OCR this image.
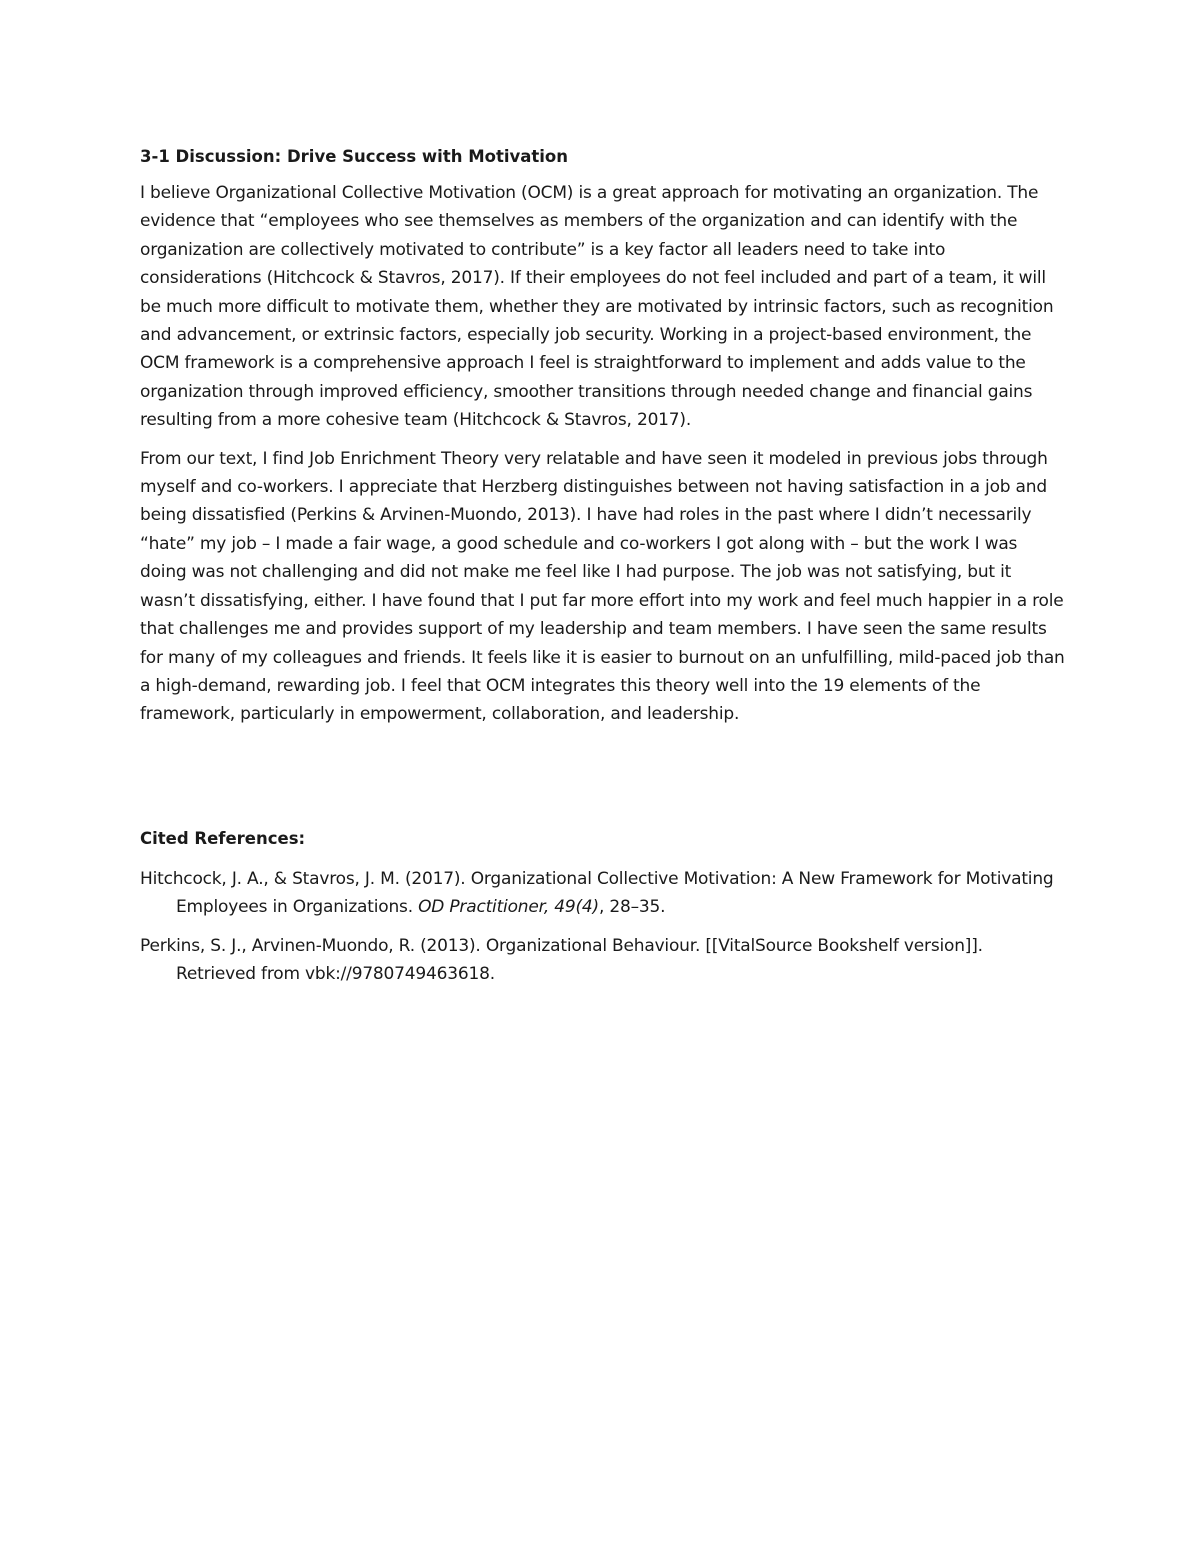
3-1 Discussion: Drive Success with Motivation

I believe Organizational Collective Motivation (OCM) is a great approach for motivating an organization. The evidence that “employees who see themselves as members of the organization and can identify with the organization are collectively motivated to contribute” is a key factor all leaders need to take into considerations (Hitchcock & Stavros, 2017). If their employees do not feel included and part of a team, it will be much more difficult to motivate them, whether they are motivated by intrinsic factors, such as recognition and advancement, or extrinsic factors, especially job security. Working in a project-based environment, the OCM framework is a comprehensive approach I feel is straightforward to implement and adds value to the organization through improved efficiency, smoother transitions through needed change and financial gains resulting from a more cohesive team (Hitchcock & Stavros, 2017).

From our text, I find Job Enrichment Theory very relatable and have seen it modeled in previous jobs through myself and co-workers. I appreciate that Herzberg distinguishes between not having satisfaction in a job and being dissatisfied (Perkins & Arvinen-Muondo, 2013). I have had roles in the past where I didn’t necessarily “hate” my job – I made a fair wage, a good schedule and co-workers I got along with – but the work I was doing was not challenging and did not make me feel like I had purpose. The job was not satisfying, but it wasn’t dissatisfying, either. I have found that I put far more effort into my work and feel much happier in a role that challenges me and provides support of my leadership and team members. I have seen the same results for many of my colleagues and friends. It feels like it is easier to burnout on an unfulfilling, mild-paced job than a high-demand, rewarding job. I feel that OCM integrates this theory well into the 19 elements of the framework, particularly in empowerment, collaboration, and leadership.

Cited References:
Hitchcock, J. A., & Stavros, J. M. (2017). Organizational Collective Motivation: A New Framework for Motivating Employees in Organizations. OD Practitioner, 49(4), 28–35.
Perkins, S. J., Arvinen-Muondo, R. (2013). Organizational Behaviour. [[VitalSource Bookshelf version]]. Retrieved from vbk://9780749463618.
